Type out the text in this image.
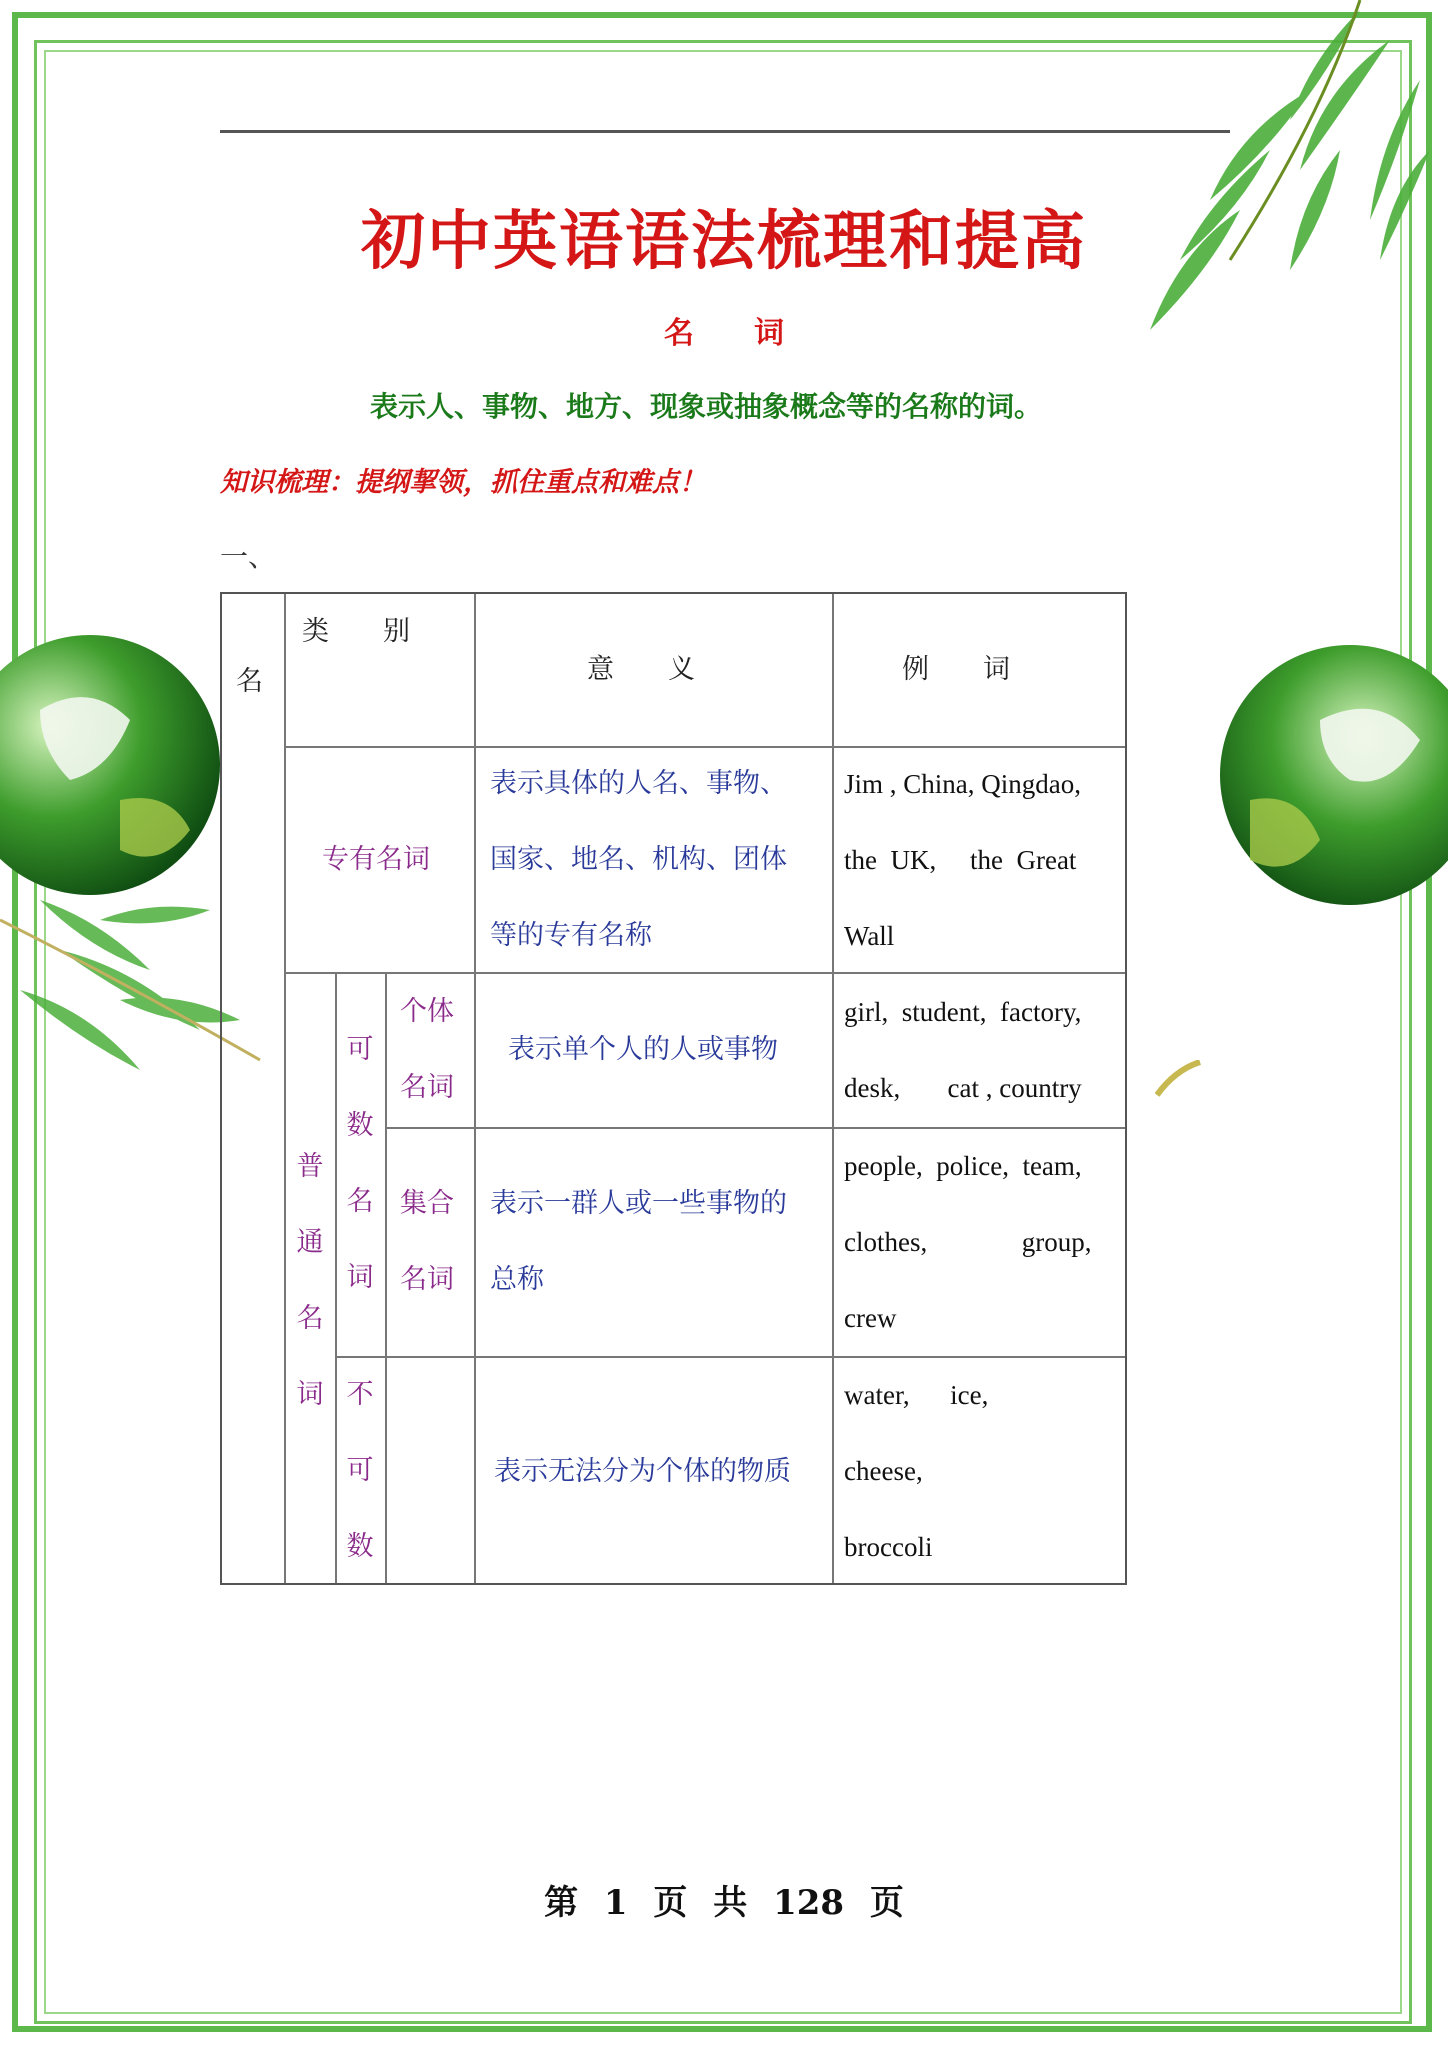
初中英语语法梳理和提高
名　　词
表示人、事物、地方、现象或抽象概念等的名称的词。
知识梳理：提纲挈领，抓住重点和难点！
一、
名
类　　别
意　　义	例　　词
专有名词
表示具体的人名、事物、
国家、地名、机构、团体
等的专有名称
Jim , China, Qingdao,
the  UK,     the  Great
Wall
普
通
名
词
可
数
名
词
不
可
数
个体
名词
表示单个人的人或事物
girl,  student,  factory,
desk,       cat , country
集合
名词
表示一群人或一些事物的
总称
people,  police,  team,
clothes,              group,
crew
表示无法分为个体的物质
water,      ice,
cheese,
broccoli
第 1 页 共 128 页
